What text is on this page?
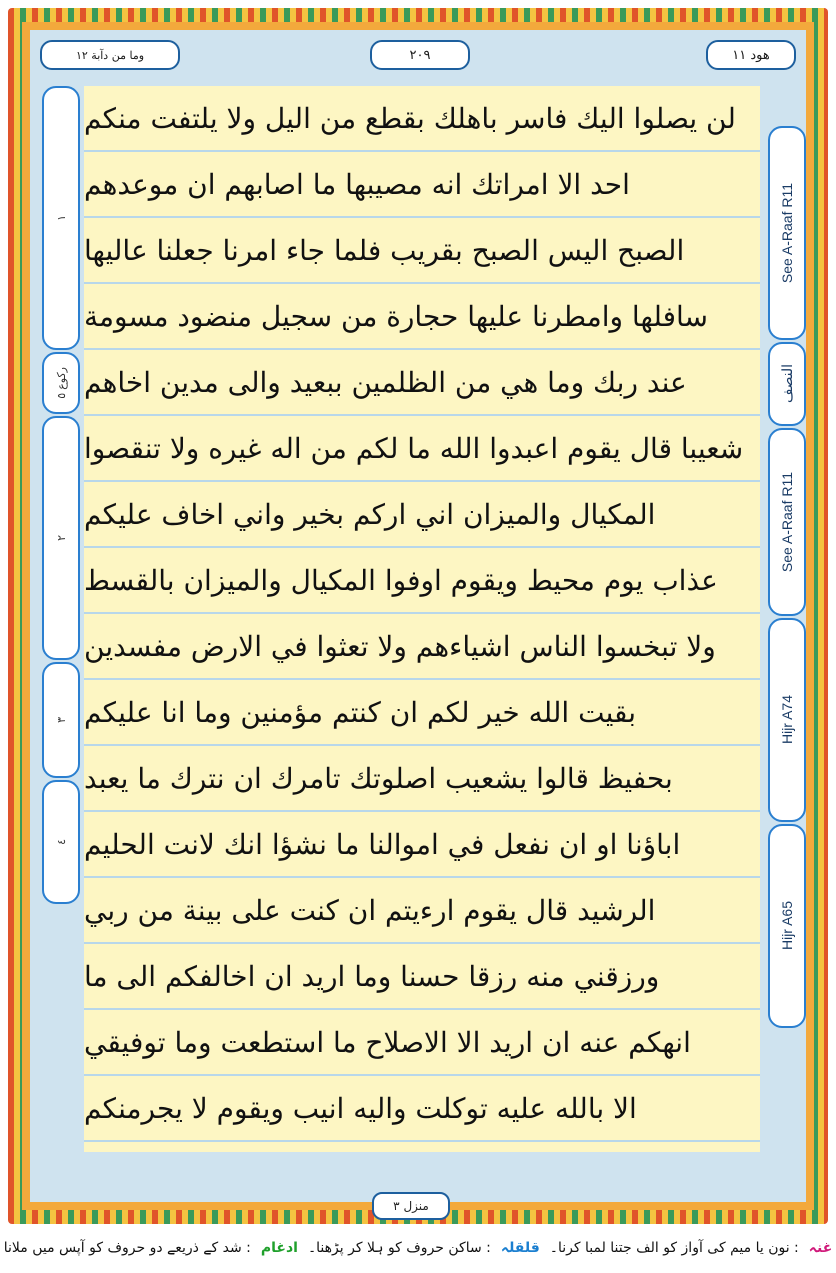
وما من دآبة ١٢	٢٠٩	هود ١١
١
ركوع ٥
٢
٣
٤
See A-Raaf R11
النصف
See A-Raaf R11
Hijr A74
Hijr A65
لن يصلوا اليك فاسر باهلك بقطع من اليل ولا يلتفت منكم
احد الا امراتك انه مصيبها ما اصابهم ان موعدهم
الصبح اليس الصبح بقريب فلما جاء امرنا جعلنا عاليها
سافلها وامطرنا عليها حجارة من سجيل منضود مسومة
عند ربك وما هي من الظلمين ببعيد والى مدين اخاهم
شعيبا قال يقوم اعبدوا الله ما لكم من اله غيره ولا تنقصوا
المكيال والميزان اني اركم بخير واني اخاف عليكم
عذاب يوم محيط ويقوم اوفوا المكيال والميزان بالقسط
ولا تبخسوا الناس اشياءهم ولا تعثوا في الارض مفسدين
بقيت الله خير لكم ان كنتم مؤمنين وما انا عليكم
بحفيظ قالوا يشعيب اصلوتك تامرك ان نترك ما يعبد
اباؤنا او ان نفعل في اموالنا ما نشؤا انك لانت الحليم
الرشيد قال يقوم ارءيتم ان كنت على بينة من ربي
ورزقني منه رزقا حسنا وما اريد ان اخالفكم الى ما
انهكم عنه ان اريد الا الاصلاح ما استطعت وما توفيقي
الا بالله عليه توكلت واليه انيب ويقوم لا يجرمنكم
منزل ٣
غنہ
: نون یا میم کی آواز کو الف جتنا لمبا کرنا۔
قلقلہ
: ساکن حروف کو ہلا کر پڑھنا۔
ادغام
: شد کے ذریعے دو حروف کو آپس میں ملانا
